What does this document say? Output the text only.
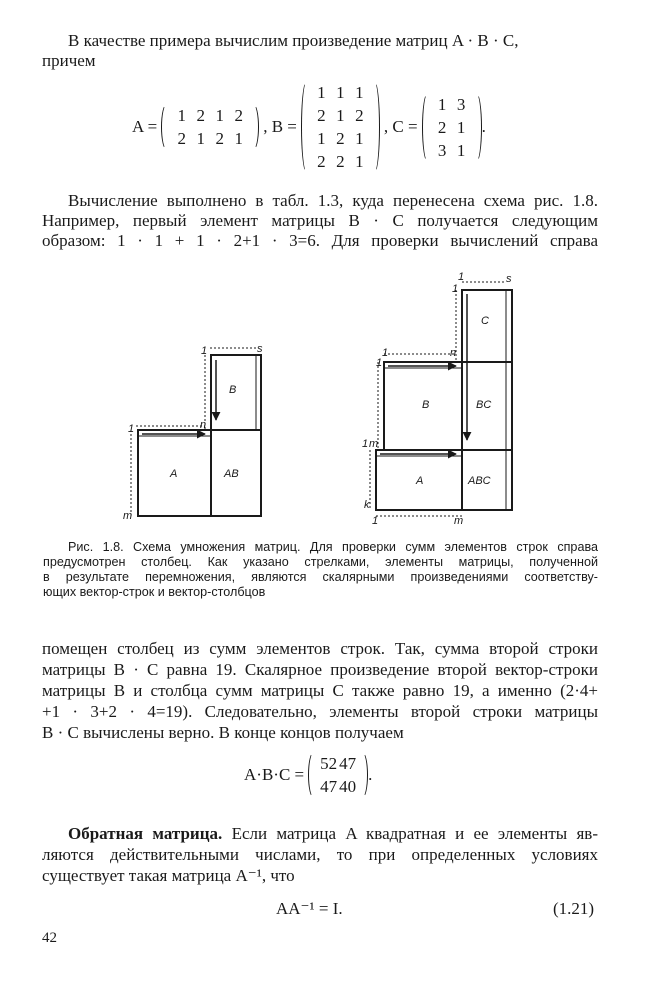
В качестве примера вычислим произведение матриц A · B · C,
причем
A =
1 2 1 2
2 1 2 1
, B =
1 1 1
2 1 2
1 2 1
2 2 1
, C =
1 3
2 1
3 1
.
Вычисление выполнено в табл. 1.3, куда перенесена схема рис. 1.8.
Например, первый элемент матрицы B · C получается следующим
образом: 1 · 1 + 1 · 2+1 · 3=6. Для проверки вычислений справа
A	AB
B
1	s
1	n
m
A	ABC
B	BC
C
1	s
1
n
1
1
1 m
k
1	m
Рис. 1.8. Схема умножения матриц. Для проверки сумм элементов строк справа
предусмотрен столбец. Как указано стрелками, элементы матрицы, полученной
в результате перемножения, являются скалярными произведениями соответству-
ющих вектор-строк и вектор-столбцов
помещен столбец из сумм элементов строк. Так, сумма второй строки
матрицы B · C равна 19. Скалярное произведение второй вектор-строки
матрицы B и столбца сумм матрицы C также равно 19, а именно (2·4+
+1 · 3+2 · 4=19). Следовательно, элементы второй строки матрицы
B · C вычислены верно. В конце концов получаем
A·B·C =
52 47
47 40
.
Обратная матрица. Если матрица A квадратная и ее элементы яв-
ляются действительными числами, то при определенных условиях
существует такая матрица A⁻¹, что
AA⁻¹ = I.	(1.21)
42
